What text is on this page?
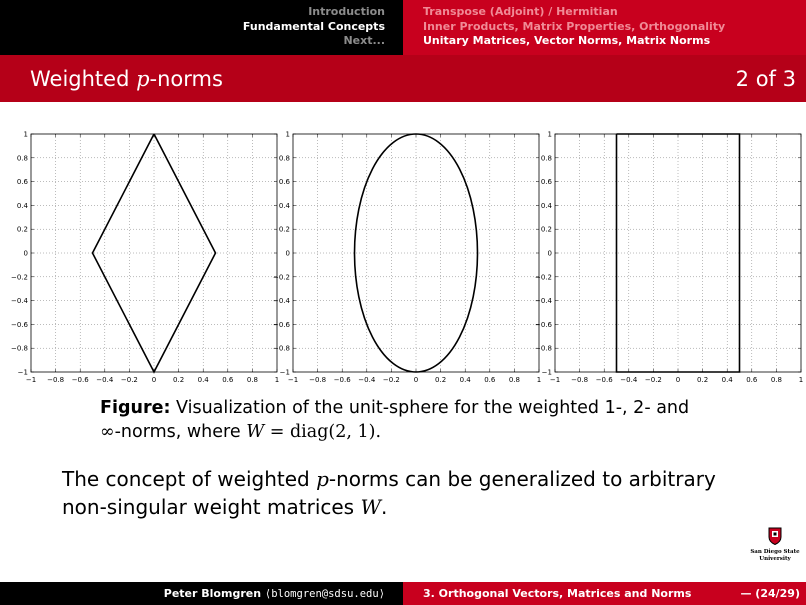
Introduction
Fundamental Concepts
Next...
Transpose (Adjoint) / Hermitian
Inner Products, Matrix Properties, Orthogonality
Unitary Matrices, Vector Norms, Matrix Norms
Weighted p-norms	2 of 3
−1 −0.8 −0.6 −0.4 −0.2 0 0.2 0.4 0.6 0.8 1
−1
−0.8
−0.6
−0.4
−0.2
0
0.2
0.4
0.6
0.8
1
−1 −0.8 −0.6 −0.4 −0.2 0 0.2 0.4 0.6 0.8 1
−1
−0.8
−0.6
−0.4
−0.2
0
0.2
0.4
0.6
0.8
1
−1 −0.8 −0.6 −0.4 −0.2 0 0.2 0.4 0.6 0.8 1
−1
−0.8
−0.6
−0.4
−0.2
0
0.2
0.4
0.6
0.8
1
Figure: Visualization of the unit-sphere for the weighted 1-, 2- and
∞-norms, where W = diag(2, 1).
The concept of weighted p-norms can be generalized to arbitrary non-singular weight matrices W.
San Diego State
University
Peter Blomgren
⟨blomgren@sdsu.edu⟩	3. Orthogonal Vectors, Matrices and Norms	— (24/29)
